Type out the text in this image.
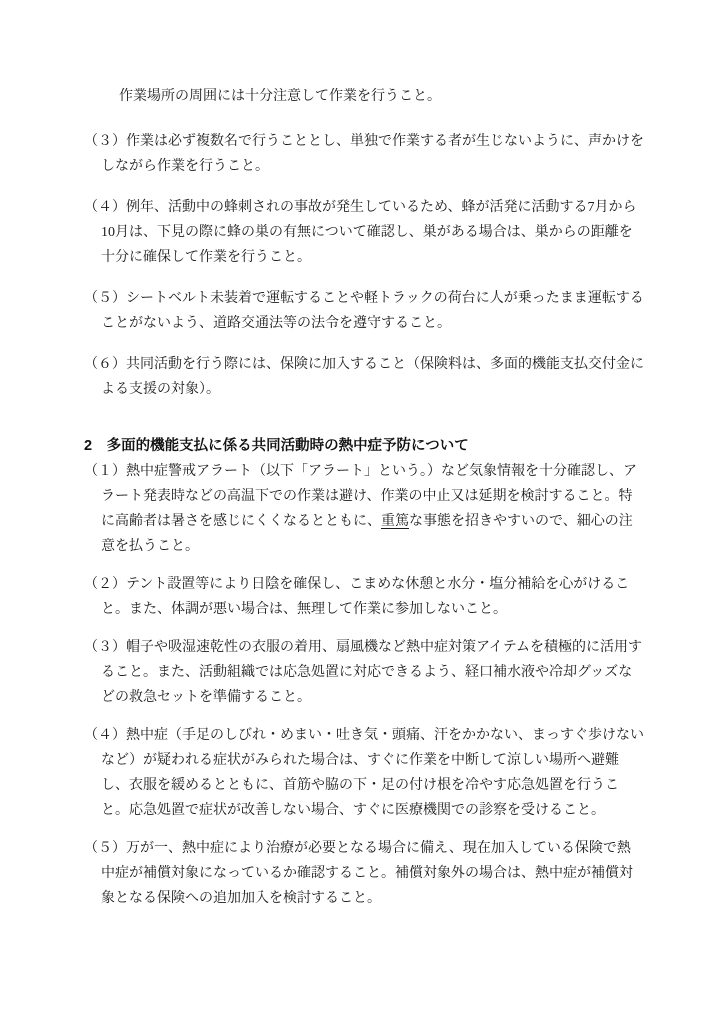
作業場所の周囲には十分注意して作業を行うこと。

（３）作業は必ず複数名で行うこととし、単独で作業する者が生じないように、声かけをしながら作業を行うこと。

（４）例年、活動中の蜂刺されの事故が発生しているため、蜂が活発に活動する7月から10月は、下見の際に蜂の巣の有無について確認し、巣がある場合は、巣からの距離を十分に確保して作業を行うこと。

（５）シートベルト未装着で運転することや軽トラックの荷台に人が乗ったまま運転することがないよう、道路交通法等の法令を遵守すること。

（６）共同活動を行う際には、保険に加入すること（保険料は、多面的機能支払交付金による支援の対象）。

2　多面的機能支払に係る共同活動時の熱中症予防について

（１）熱中症警戒アラート（以下「アラート」という。）など気象情報を十分確認し、アラート発表時などの高温下での作業は避け、作業の中止又は延期を検討すること。特に高齢者は暑さを感じにくくなるとともに、重篤な事態を招きやすいので、細心の注意を払うこと。

（２）テント設置等により日陰を確保し、こまめな休憩と水分・塩分補給を心がけること。また、体調が悪い場合は、無理して作業に参加しないこと。

（３）帽子や吸湿速乾性の衣服の着用、扇風機など熱中症対策アイテムを積極的に活用すること。また、活動組織では応急処置に対応できるよう、経口補水液や冷却グッズなどの救急セットを準備すること。

（４）熱中症（手足のしびれ・めまい・吐き気・頭痛、汗をかかない、まっすぐ歩けないなど）が疑われる症状がみられた場合は、すぐに作業を中断して涼しい場所へ避難し、衣服を緩めるとともに、首筋や脇の下・足の付け根を冷やす応急処置を行うこと。応急処置で症状が改善しない場合、すぐに医療機関での診察を受けること。

（５）万が一、熱中症により治療が必要となる場合に備え、現在加入している保険で熱中症が補償対象になっているか確認すること。補償対象外の場合は、熱中症が補償対象となる保険への追加加入を検討すること。
